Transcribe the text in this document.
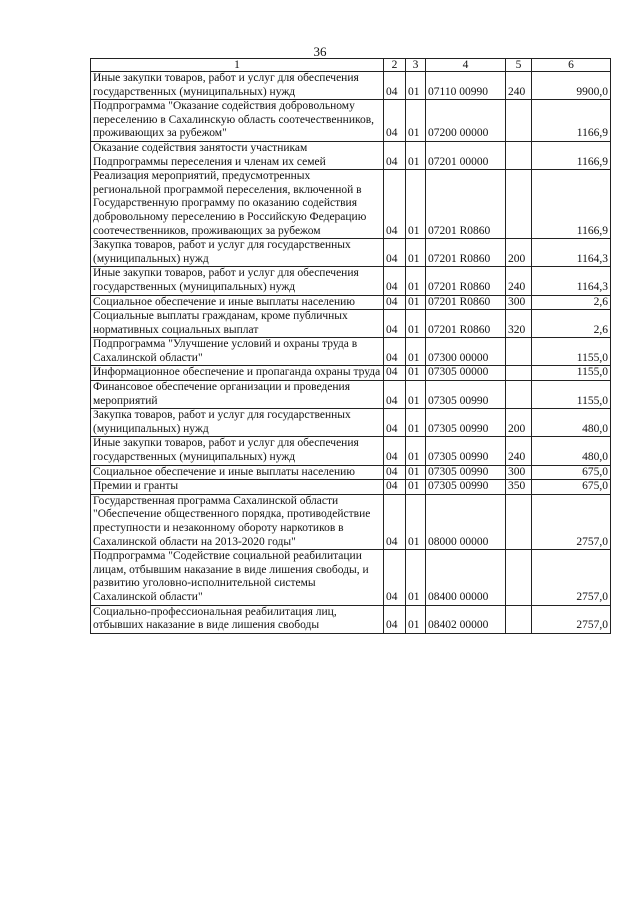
36
1	2	3	4	5	6
Иные закупки товаров, работ и услуг для обеспечения государственных (муниципальных) нужд	04	01	07110 00990	240	9900,0
Подпрограмма "Оказание содействия добровольному переселению в Сахалинскую область соотечественников, проживающих за рубежом"	04	01	07200 00000		1166,9
Оказание содействия занятости участникам Подпрограммы переселения и членам их семей	04	01	07201 00000		1166,9
Реализация мероприятий, предусмотренных региональной программой переселения, включенной в Государственную программу по оказанию содействия добровольному переселению в Российскую Федерацию соотечественников, проживающих за рубежом	04	01	07201 R0860		1166,9
Закупка товаров, работ и услуг для государственных (муниципальных) нужд	04	01	07201 R0860	200	1164,3
Иные закупки товаров, работ и услуг для обеспечения государственных (муниципальных) нужд	04	01	07201 R0860	240	1164,3
Социальное обеспечение и иные выплаты населению	04	01	07201 R0860	300	2,6
Социальные выплаты гражданам, кроме публичных нормативных социальных выплат	04	01	07201 R0860	320	2,6
Подпрограмма "Улучшение условий и охраны труда в Сахалинской области"	04	01	07300 00000		1155,0
Информационное обеспечение и пропаганда охраны труда	04	01	07305 00000		1155,0
Финансовое обеспечение организации и проведения мероприятий	04	01	07305 00990		1155,0
Закупка товаров, работ и услуг для государственных (муниципальных) нужд	04	01	07305 00990	200	480,0
Иные закупки товаров, работ и услуг для обеспечения государственных (муниципальных) нужд	04	01	07305 00990	240	480,0
Социальное обеспечение и иные выплаты населению	04	01	07305 00990	300	675,0
Премии и гранты	04	01	07305 00990	350	675,0
Государственная программа Сахалинской области "Обеспечение общественного порядка, противодействие преступности и незаконному обороту наркотиков в Сахалинской области на 2013-2020 годы"	04	01	08000 00000		2757,0
Подпрограмма "Содействие социальной реабилитации лицам, отбывшим наказание в виде лишения свободы, и развитию уголовно-исполнительной системы Сахалинской области"	04	01	08400 00000		2757,0
Социально-профессиональная реабилитация лиц, отбывших наказание в виде лишения свободы	04	01	08402 00000		2757,0
